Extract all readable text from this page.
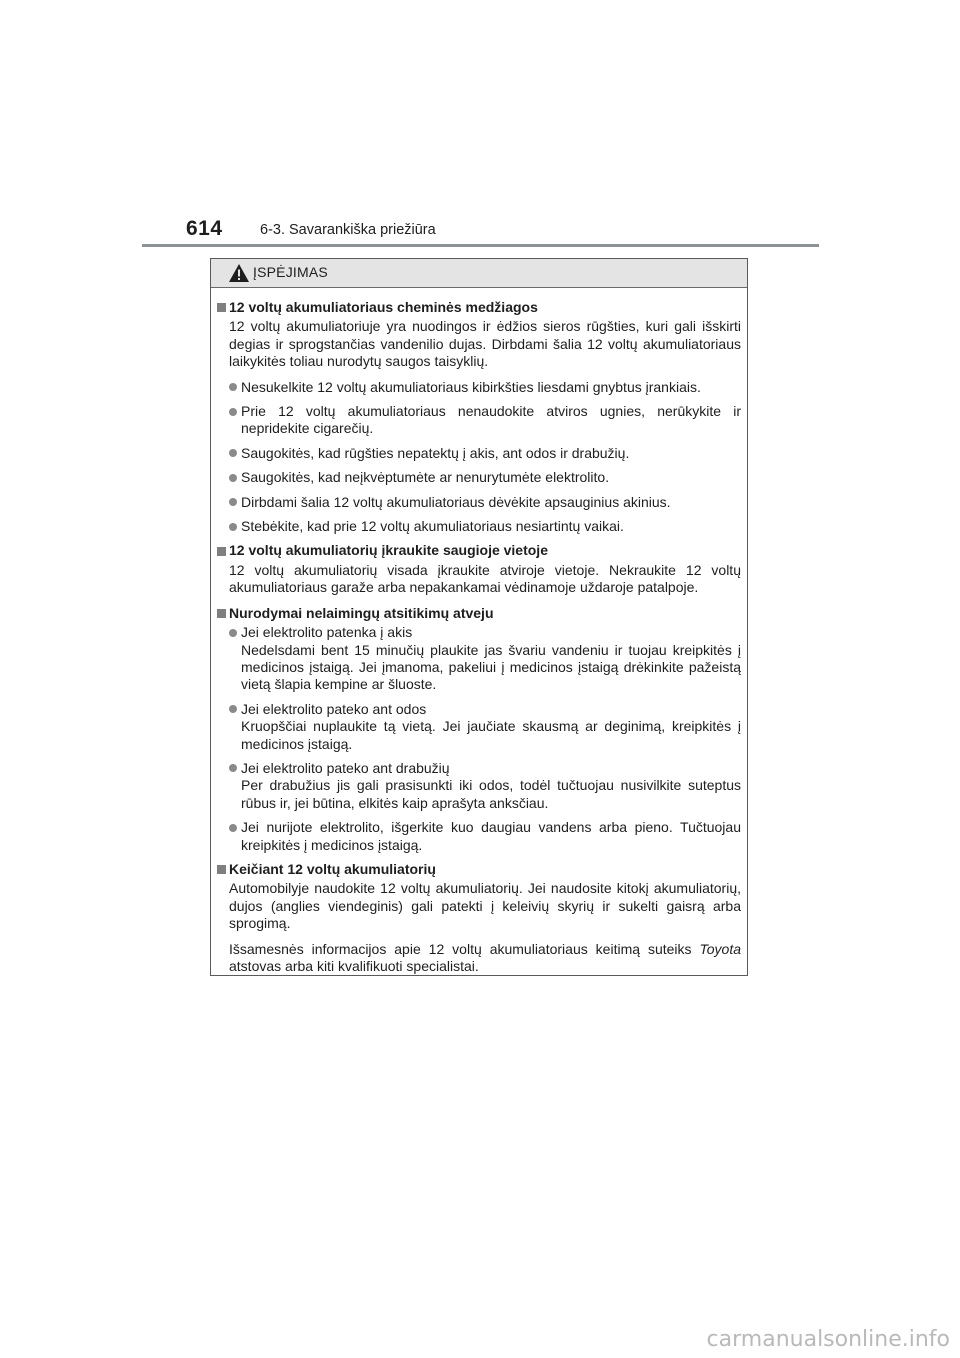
614	6-3. Savarankiška priežiūra
ĮSPĖJIMAS
12 voltų akumuliatoriaus cheminės medžiagos
12 voltų akumuliatoriuje yra nuodingos ir ėdžios sieros rūgšties, kuri gali išskirti degias ir sprogstančias vandenilio dujas. Dirbdami šalia 12 voltų akumuliatoriaus laikykitės toliau nurodytų saugos taisyklių.
Nesukelkite 12 voltų akumuliatoriaus kibirkšties liesdami gnybtus įrankiais.
Prie 12 voltų akumuliatoriaus nenaudokite atviros ugnies, nerūkykite ir nepridekite cigarečių.
Saugokitės, kad rūgšties nepatektų į akis, ant odos ir drabužių.
Saugokitės, kad neįkvėptumėte ar nenurytumėte elektrolito.
Dirbdami šalia 12 voltų akumuliatoriaus dėvėkite apsauginius akinius.
Stebėkite, kad prie 12 voltų akumuliatoriaus nesiartintų vaikai.
12 voltų akumuliatorių įkraukite saugioje vietoje
12 voltų akumuliatorių visada įkraukite atviroje vietoje. Nekraukite 12 voltų akumuliatoriaus garaže arba nepakankamai vėdinamoje uždaroje patalpoje.
Nurodymai nelaimingų atsitikimų atveju
Jei elektrolito patenka į akis
Nedelsdami bent 15 minučių plaukite jas švariu vandeniu ir tuojau kreipkitės į medicinos įstaigą. Jei įmanoma, pakeliui į medicinos įstaigą drėkinkite pažeistą vietą šlapia kempine ar šluoste.
Jei elektrolito pateko ant odos
Kruopščiai nuplaukite tą vietą. Jei jaučiate skausmą ar deginimą, kreipkitės į medicinos įstaigą.
Jei elektrolito pateko ant drabužių
Per drabužius jis gali prasisunkti iki odos, todėl tučtuojau nusivilkite suteptus rūbus ir, jei būtina, elkitės kaip aprašyta anksčiau.
Jei nurijote elektrolito, išgerkite kuo daugiau vandens arba pieno. Tučtuojau kreipkitės į medicinos įstaigą.
Keičiant 12 voltų akumuliatorių
Automobilyje naudokite 12 voltų akumuliatorių. Jei naudosite kitokį akumuliatorių, dujos (anglies viendeginis) gali patekti į keleivių skyrių ir sukelti gaisrą arba sprogimą.
Išsamesnės informacijos apie 12 voltų akumuliatoriaus keitimą suteiks Toyota atstovas arba kiti kvalifikuoti specialistai.
carmanualsonline.info
